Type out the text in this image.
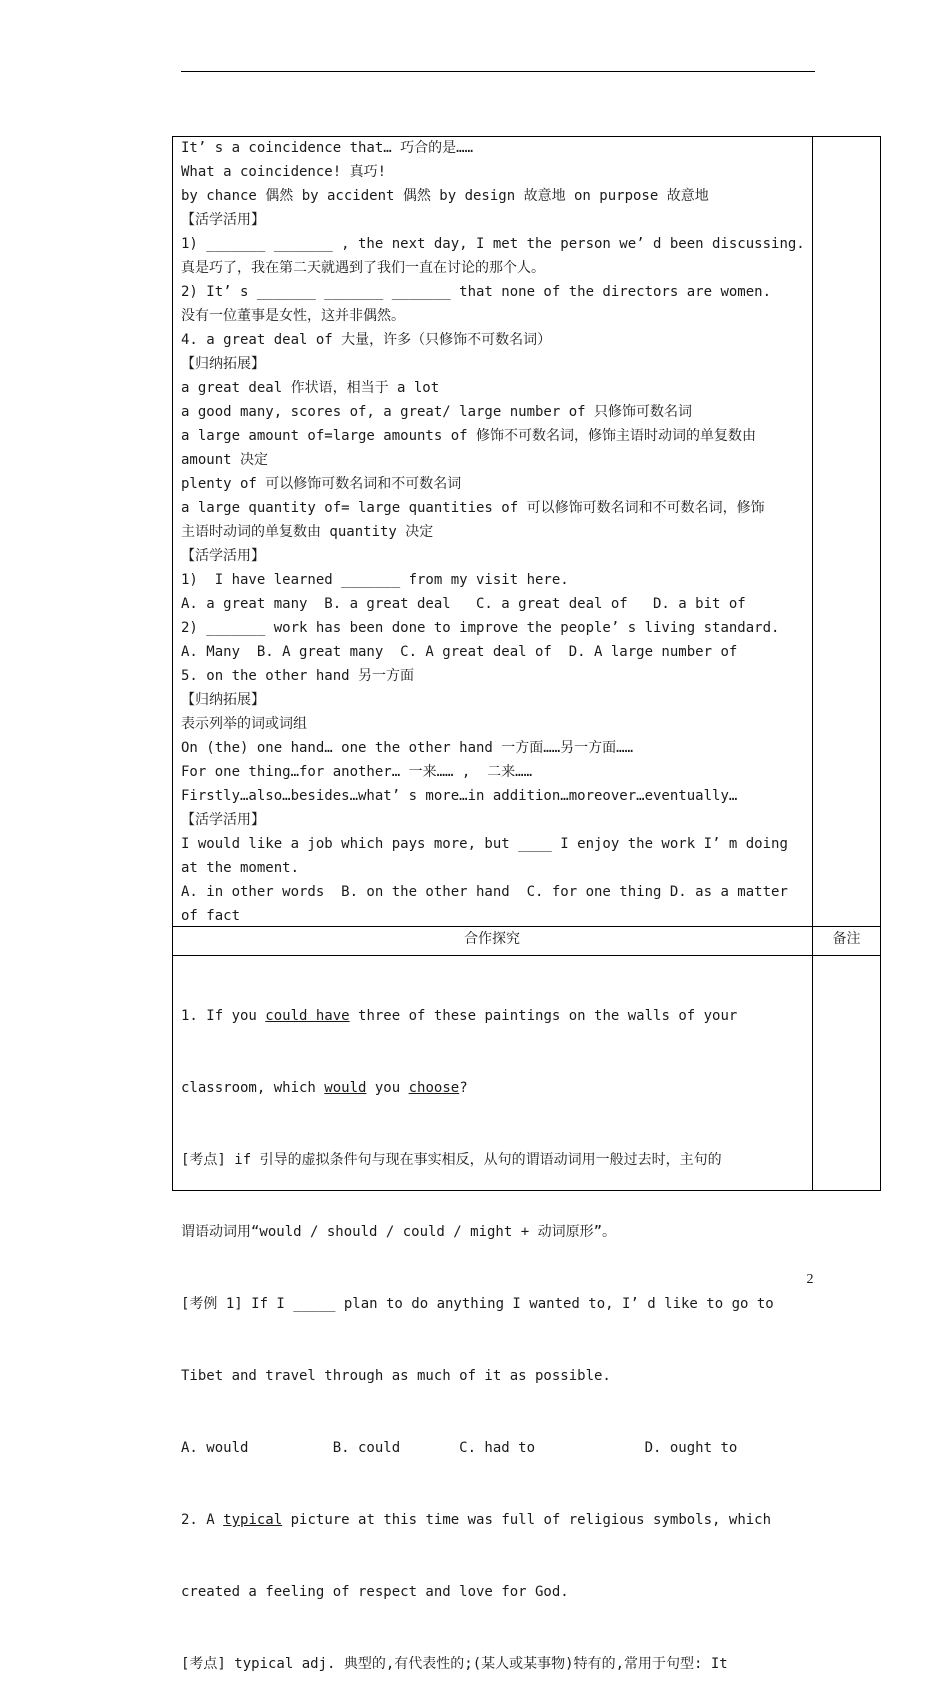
It’ s a coincidence that… 巧合的是……
What a coincidence! 真巧!
by chance 偶然 by accident 偶然 by design 故意地 on purpose 故意地
【活学活用】
1) _______ _______ , the next day, I met the person we’ d been discussing.
真是巧了，我在第二天就遇到了我们一直在讨论的那个人。
2) It’ s _______ _______ _______ that none of the directors are women.
没有一位董事是女性，这并非偶然。
4. a great deal of 大量，许多（只修饰不可数名词）
【归纳拓展】
a great deal 作状语，相当于 a lot
a good many, scores of, a great/ large number of 只修饰可数名词
a large amount of=large amounts of 修饰不可数名词，修饰主语时动词的单复数由
amount 决定
plenty of 可以修饰可数名词和不可数名词
a large quantity of= large quantities of 可以修饰可数名词和不可数名词，修饰
主语时动词的单复数由 quantity 决定
【活学活用】
1)  I have learned _______ from my visit here.
A. a great many  B. a great deal   C. a great deal of   D. a bit of
2) _______ work has been done to improve the people’ s living standard.
A. Many  B. A great many  C. A great deal of  D. A large number of
5. on the other hand 另一方面
【归纳拓展】
表示列举的词或词组
On (the) one hand… one the other hand 一方面……另一方面……
For one thing…for another… 一来…… ,  二来……
Firstly…also…besides…what’ s more…in addition…moreover…eventually…
【活学活用】
I would like a job which pays more, but ____ I enjoy the work I’ m doing
at the moment.
A. in other words  B. on the other hand  C. for one thing D. as a matter
of fact
合作探究	备注

1. If you could have three of these paintings on the walls of your

classroom, which would you choose?

[考点] if 引导的虚拟条件句与现在事实相反，从句的谓语动词用一般过去时，主句的

谓语动词用“would / should / could / might + 动词原形”。

[考例 1] If I _____ plan to do anything I wanted to, I’ d like to go to

Tibet and travel through as much of it as possible.

A. would          B. could       C. had to             D. ought to

2. A typical picture at this time was full of religious symbols, which

created a feeling of respect and love for God.

[考点] typical adj. 典型的,有代表性的;(某人或某事物)特有的,常用于句型: It

2
